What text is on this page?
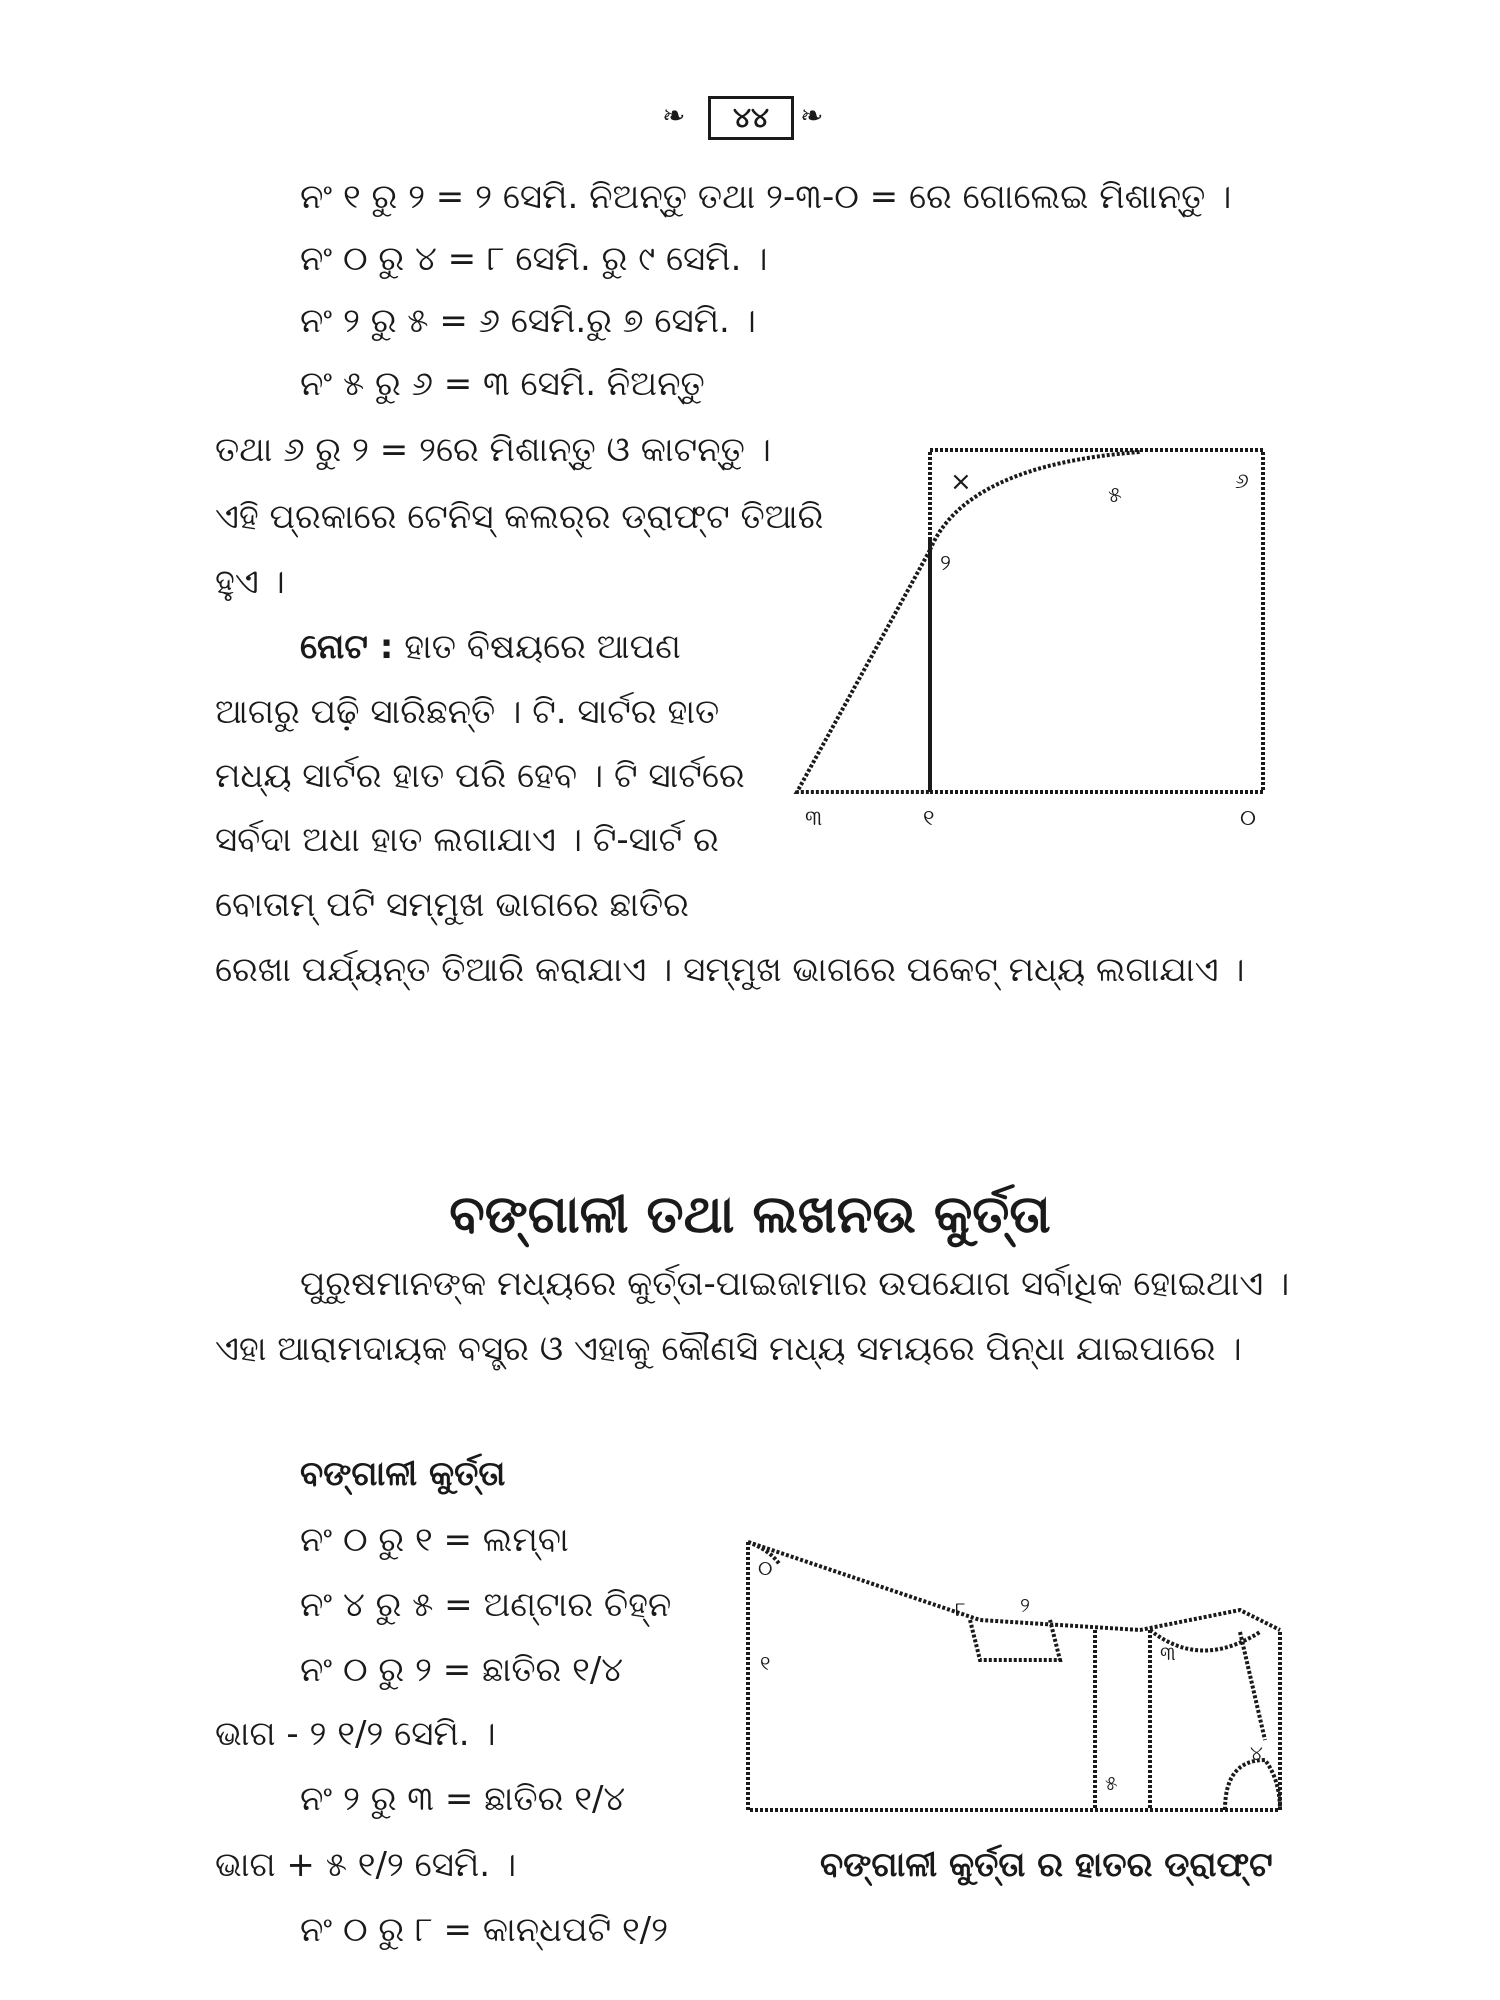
❧	୪୪	❧
ନଂ ୧ ରୁ ୨ = ୨ ସେମି. ନିଅନ୍ତୁ ତଥା ୨-୩-୦ = ରେ ଗୋଲେଇ ମିଶାନ୍ତୁ ।
ନଂ ୦ ରୁ ୪ = ୮ ସେମି. ରୁ ୯ ସେମି. ।
ନଂ ୨ ରୁ ୫ = ୬ ସେମି.ରୁ ୭ ସେମି. ।
ନଂ ୫ ରୁ ୬ = ୩ ସେମି. ନିଅନ୍ତୁ
ତଥା ୬ ରୁ ୨ = ୨ରେ ମିଶାନ୍ତୁ ଓ କାଟନ୍ତୁ ।
ଏହି ପ୍ରକାରେ ଟେନିସ୍ କଲର୍‌ର ଡ୍ରାଫ୍ଟ ତିଆରି
ହୁଏ ।
ନୋଟ : ହାତ ବିଷୟରେ ଆପଣ
ଆଗରୁ ପଢ଼ି ସାରିଛନ୍ତି । ଟି. ସାର୍ଟର ହାତ
ମଧ୍ୟ ସାର୍ଟର ହାତ ପରି ହେବ । ଟି ସାର୍ଟରେ
ସର୍ବଦା ଅଧା ହାତ ଲଗାଯାଏ । ଟି-ସାର୍ଟ ର
ବୋତାମ୍ ପଟି ସମ୍ମୁଖ ଭାଗରେ ଛାତିର
ରେଖା ପର୍ଯ୍ୟନ୍ତ ତିଆରି କରାଯାଏ । ସମ୍ମୁଖ ଭାଗରେ ପକେଟ୍ ମଧ୍ୟ ଲଗାଯାଏ ।
×	୫
୬
୨
୩	୧	୦
ବଙ୍ଗାଳୀ ତଥା ଲଖନଉ କୁର୍ତ୍ତା
ପୁରୁଷମାନଙ୍କ ମଧ୍ୟରେ କୁର୍ତ୍ତା-ପାଇଜାମାର ଉପଯୋଗ ସର୍ବାଧିକ ହୋଇଥାଏ ।
ଏହା ଆରାମଦାୟକ ବସ୍ତ୍ର ଓ ଏହାକୁ କୌଣସି ମଧ୍ୟ ସମୟରେ ପିନ୍ଧା ଯାଇପାରେ ।
ବଙ୍ଗାଳୀ କୁର୍ତ୍ତା
ନଂ ୦ ରୁ ୧ = ଲମ୍ବା
ନଂ ୪ ରୁ ୫ = ଅଣ୍ଟାର ଚିହ୍ନ
ନଂ ୦ ରୁ ୨ = ଛାତିର ୧/୪
ଭାଗ - ୨ ୧/୨ ସେମି. ।
ନଂ ୨ ରୁ ୩ = ଛାତିର ୧/୪
ଭାଗ + ୫ ୧/୨ ସେମି. ।
ନଂ ୦ ରୁ ୮ = କାନ୍ଧପଟି ୧/୨
୦
୮	୨
୩
୪
୫
୧
ବଙ୍ଗାଳୀ କୁର୍ତ୍ତା ର ହାତର ଡ୍ରାଫ୍ଟ
